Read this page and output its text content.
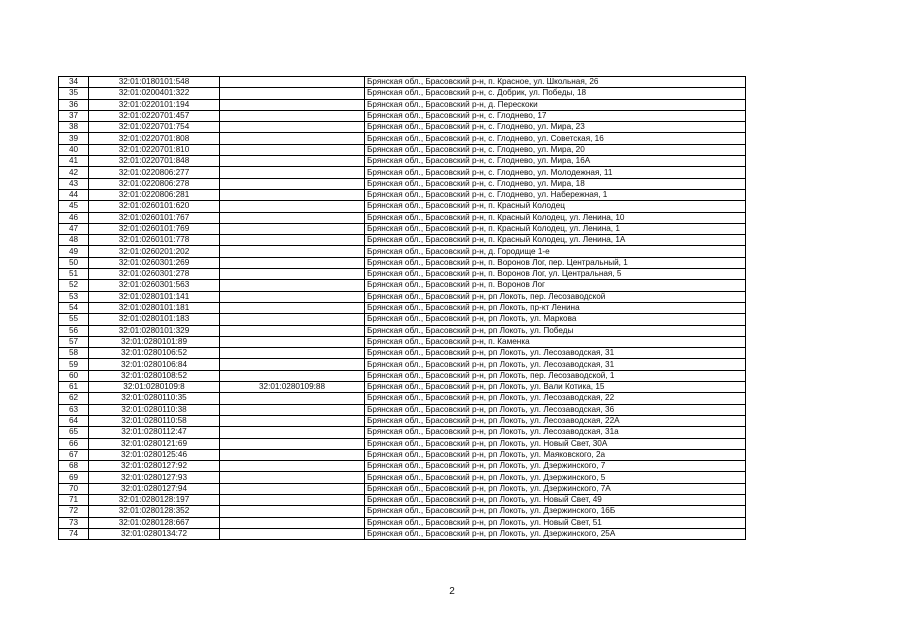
34	32:01:0180101:548		Брянская обл., Брасовский р-н, п. Красное, ул. Школьная, 26
35	32:01:0200401:322		Брянская обл., Брасовский р-н, с. Добрик, ул. Победы, 18
36	32:01:0220101:194		Брянская обл., Брасовский р-н, д. Перескоки
37	32:01:0220701:457		Брянская обл., Брасовский р-н, с. Глоднево, 17
38	32:01:0220701:754		Брянская обл., Брасовский р-н, с. Глоднево, ул. Мира, 23
39	32:01:0220701:808		Брянская обл., Брасовский р-н, с. Глоднево, ул. Советская, 16
40	32:01:0220701:810		Брянская обл., Брасовский р-н, с. Глоднево, ул. Мира, 20
41	32:01:0220701:848		Брянская обл., Брасовский р-н, с. Глоднево, ул. Мира, 16А
42	32:01:0220806:277		Брянская обл., Брасовский р-н, с. Глоднево, ул. Молодежная, 11
43	32:01:0220806:278		Брянская обл., Брасовский р-н, с. Глоднево, ул. Мира, 18
44	32:01:0220806:281		Брянская обл., Брасовский р-н, с. Глоднево, ул. Набережная, 1
45	32:01:0260101:620		Брянская обл., Брасовский р-н, п. Красный Колодец
46	32:01:0260101:767		Брянская обл., Брасовский р-н, п. Красный Колодец, ул. Ленина, 10
47	32:01:0260101:769		Брянская обл., Брасовский р-н, п. Красный Колодец, ул. Ленина, 1
48	32:01:0260101:778		Брянская обл., Брасовский р-н, п. Красный Колодец, ул. Ленина, 1А
49	32:01:0260201:202		Брянская обл., Брасовский р-н, д. Городище 1-е
50	32:01:0260301:269		Брянская обл., Брасовский р-н, п. Воронов Лог, пер. Центральный, 1
51	32:01:0260301:278		Брянская обл., Брасовский р-н, п. Воронов Лог, ул. Центральная, 5
52	32:01:0260301:563		Брянская обл., Брасовский р-н, п. Воронов Лог
53	32:01:0280101:141		Брянская обл., Брасовский р-н, рп Локоть, пер. Лесозаводской
54	32:01:0280101:181		Брянская обл., Брасовский р-н, рп Локоть, пр-кт Ленина
55	32:01:0280101:183		Брянская обл., Брасовский р-н, рп Локоть, ул. Маркова
56	32:01:0280101:329		Брянская обл., Брасовский р-н, рп Локоть, ул. Победы
57	32:01:0280101:89		Брянская обл., Брасовский р-н, п. Каменка
58	32:01:0280106:52		Брянская обл., Брасовский р-н, рп Локоть, ул. Лесозаводская, 31
59	32:01:0280106:84		Брянская обл., Брасовский р-н, рп Локоть, ул. Лесозаводская, 31
60	32:01:0280108:52		Брянская обл., Брасовский р-н, рп Локоть, пер. Лесозаводской, 1
61	32:01:0280109:8	32:01:0280109:88	Брянская обл., Брасовский р-н, рп Локоть, ул. Вали Котика, 15
62	32:01:0280110:35		Брянская обл., Брасовский р-н, рп Локоть, ул. Лесозаводская, 22
63	32:01:0280110:38		Брянская обл., Брасовский р-н, рп Локоть, ул. Лесозаводская, 36
64	32:01:0280110:58		Брянская обл., Брасовский р-н, рп Локоть, ул. Лесозаводская, 22А
65	32:01:0280112:47		Брянская обл., Брасовский р-н, рп Локоть, ул. Лесозаводская, 31а
66	32:01:0280121:69		Брянская обл., Брасовский р-н, рп Локоть, ул. Новый Свет, 30А
67	32:01:0280125:46		Брянская обл., Брасовский р-н, рп Локоть, ул. Маяковского, 2а
68	32:01:0280127:92		Брянская обл., Брасовский р-н, рп Локоть, ул. Дзержинского, 7
69	32:01:0280127:93		Брянская обл., Брасовский р-н, рп Локоть, ул. Дзержинского, 5
70	32:01:0280127:94		Брянская обл., Брасовский р-н, рп Локоть, ул. Дзержинского, 7А
71	32:01:0280128:197		Брянская обл., Брасовский р-н, рп Локоть, ул. Новый Свет, 49
72	32:01:0280128:352		Брянская обл., Брасовский р-н, рп Локоть, ул. Дзержинского, 16Б
73	32:01:0280128:667		Брянская обл., Брасовский р-н, рп Локоть, ул. Новый Свет, 51
74	32:01:0280134:72		Брянская обл., Брасовский р-н, рп Локоть, ул. Дзержинского, 25А
2
